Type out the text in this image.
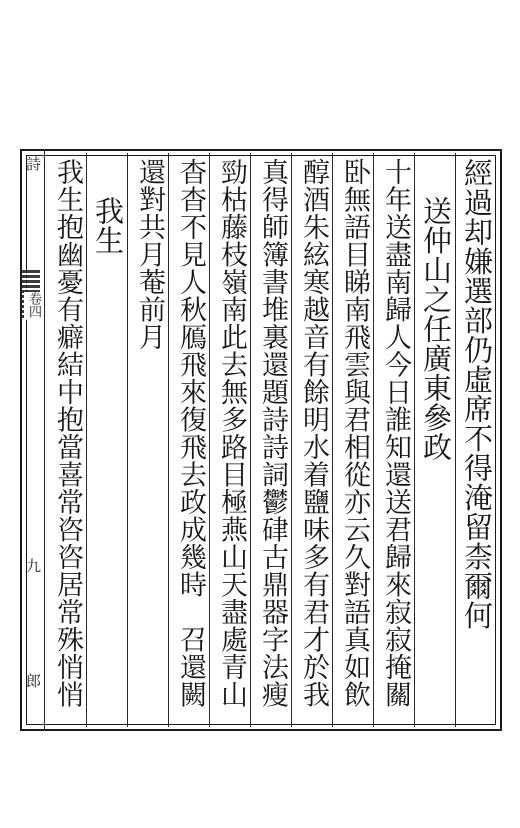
詩
卷四
九
郎
經過却嫌選部仍虛席不得淹留柰爾何
送仲山之任廣東參政
十年送盡南歸人今日誰知還送君歸來寂寂掩關
卧無語目睇南飛雲與君相從亦云久對語真如飲
醇酒朱絃寒越音有餘明水着鹽味多有君才於我
真得師簿書堆裏還題詩詩詞鬱硉古鼎器字法瘦
勁枯藤枝嶺南此去無多路目極燕山天盡處青山
杳杳不見人秋鴈飛來復飛去政成幾時　召還闕
還對共月菴前月
我生
我生抱幽憂有癖結中抱當喜常咨咨居常殊悄悄
